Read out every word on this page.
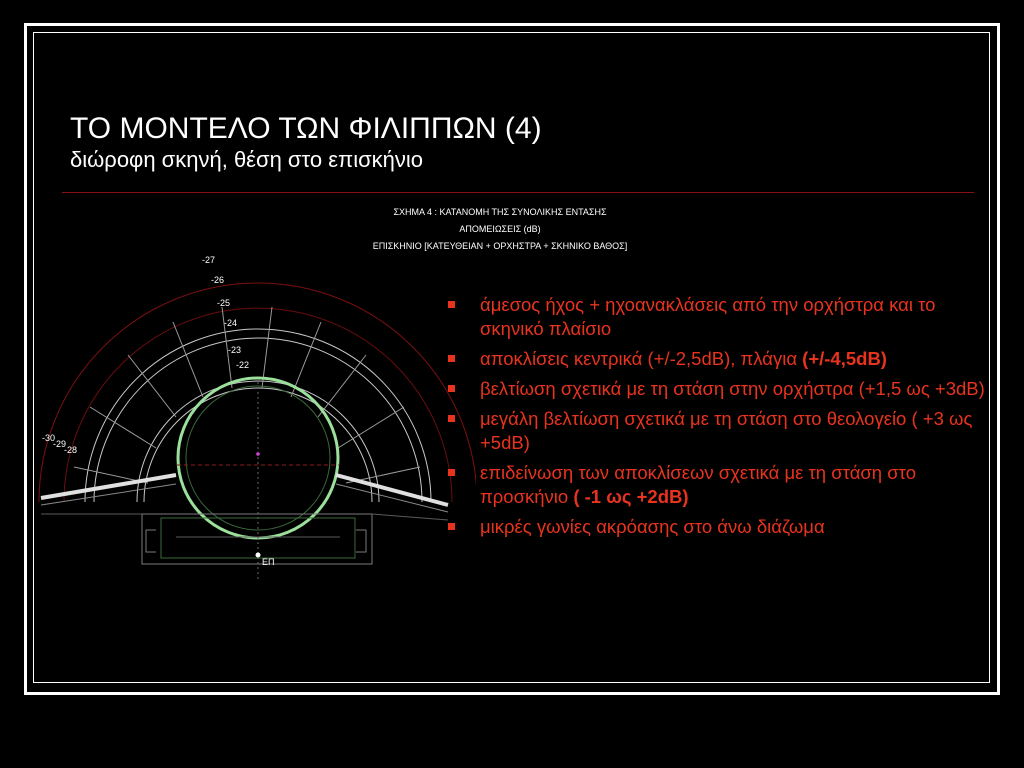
ΤΟ ΜΟΝΤΕΛΟ ΤΩΝ ΦΙΛΙΠΠΩΝ (4)
διώροφη σκηνή, θέση στο επισκήνιο
ΣΧΗΜΑ 4 : ΚΑΤΑΝΟΜΗ ΤΗΣ ΣΥΝΟΛΙΚΗΣ ΕΝΤΑΣΗΣ
ΑΠΟΜΕΙΩΣΕΙΣ (dB)
ΕΠΙΣΚΗΝΙΟ [ΚΑΤΕΥΘΕΙΑΝ + ΟΡΧΗΣΤΡΑ + ΣΚΗΝΙΚΟ ΒΑΘΟΣ]
-27
-26
-25
-24
-23
-22
-30
-29
-28
ΕΠ
άμεσος ήχος + ηχοανακλάσεις από την ορχήστρα και το σκηνικό πλαίσιο
αποκλίσεις κεντρικά (+/-2,5dB), πλάγια (+/-4,5dB)
βελτίωση σχετικά με τη στάση στην ορχήστρα (+1,5 ως +3dB)
μεγάλη βελτίωση σχετικά με τη στάση στο θεολογείο ( +3 ως +5dB)
επιδείνωση των αποκλίσεων σχετικά με τη στάση στο προσκήνιο ( -1 ως +2dB)
μικρές γωνίες ακρόασης στο άνω διάζωμα
